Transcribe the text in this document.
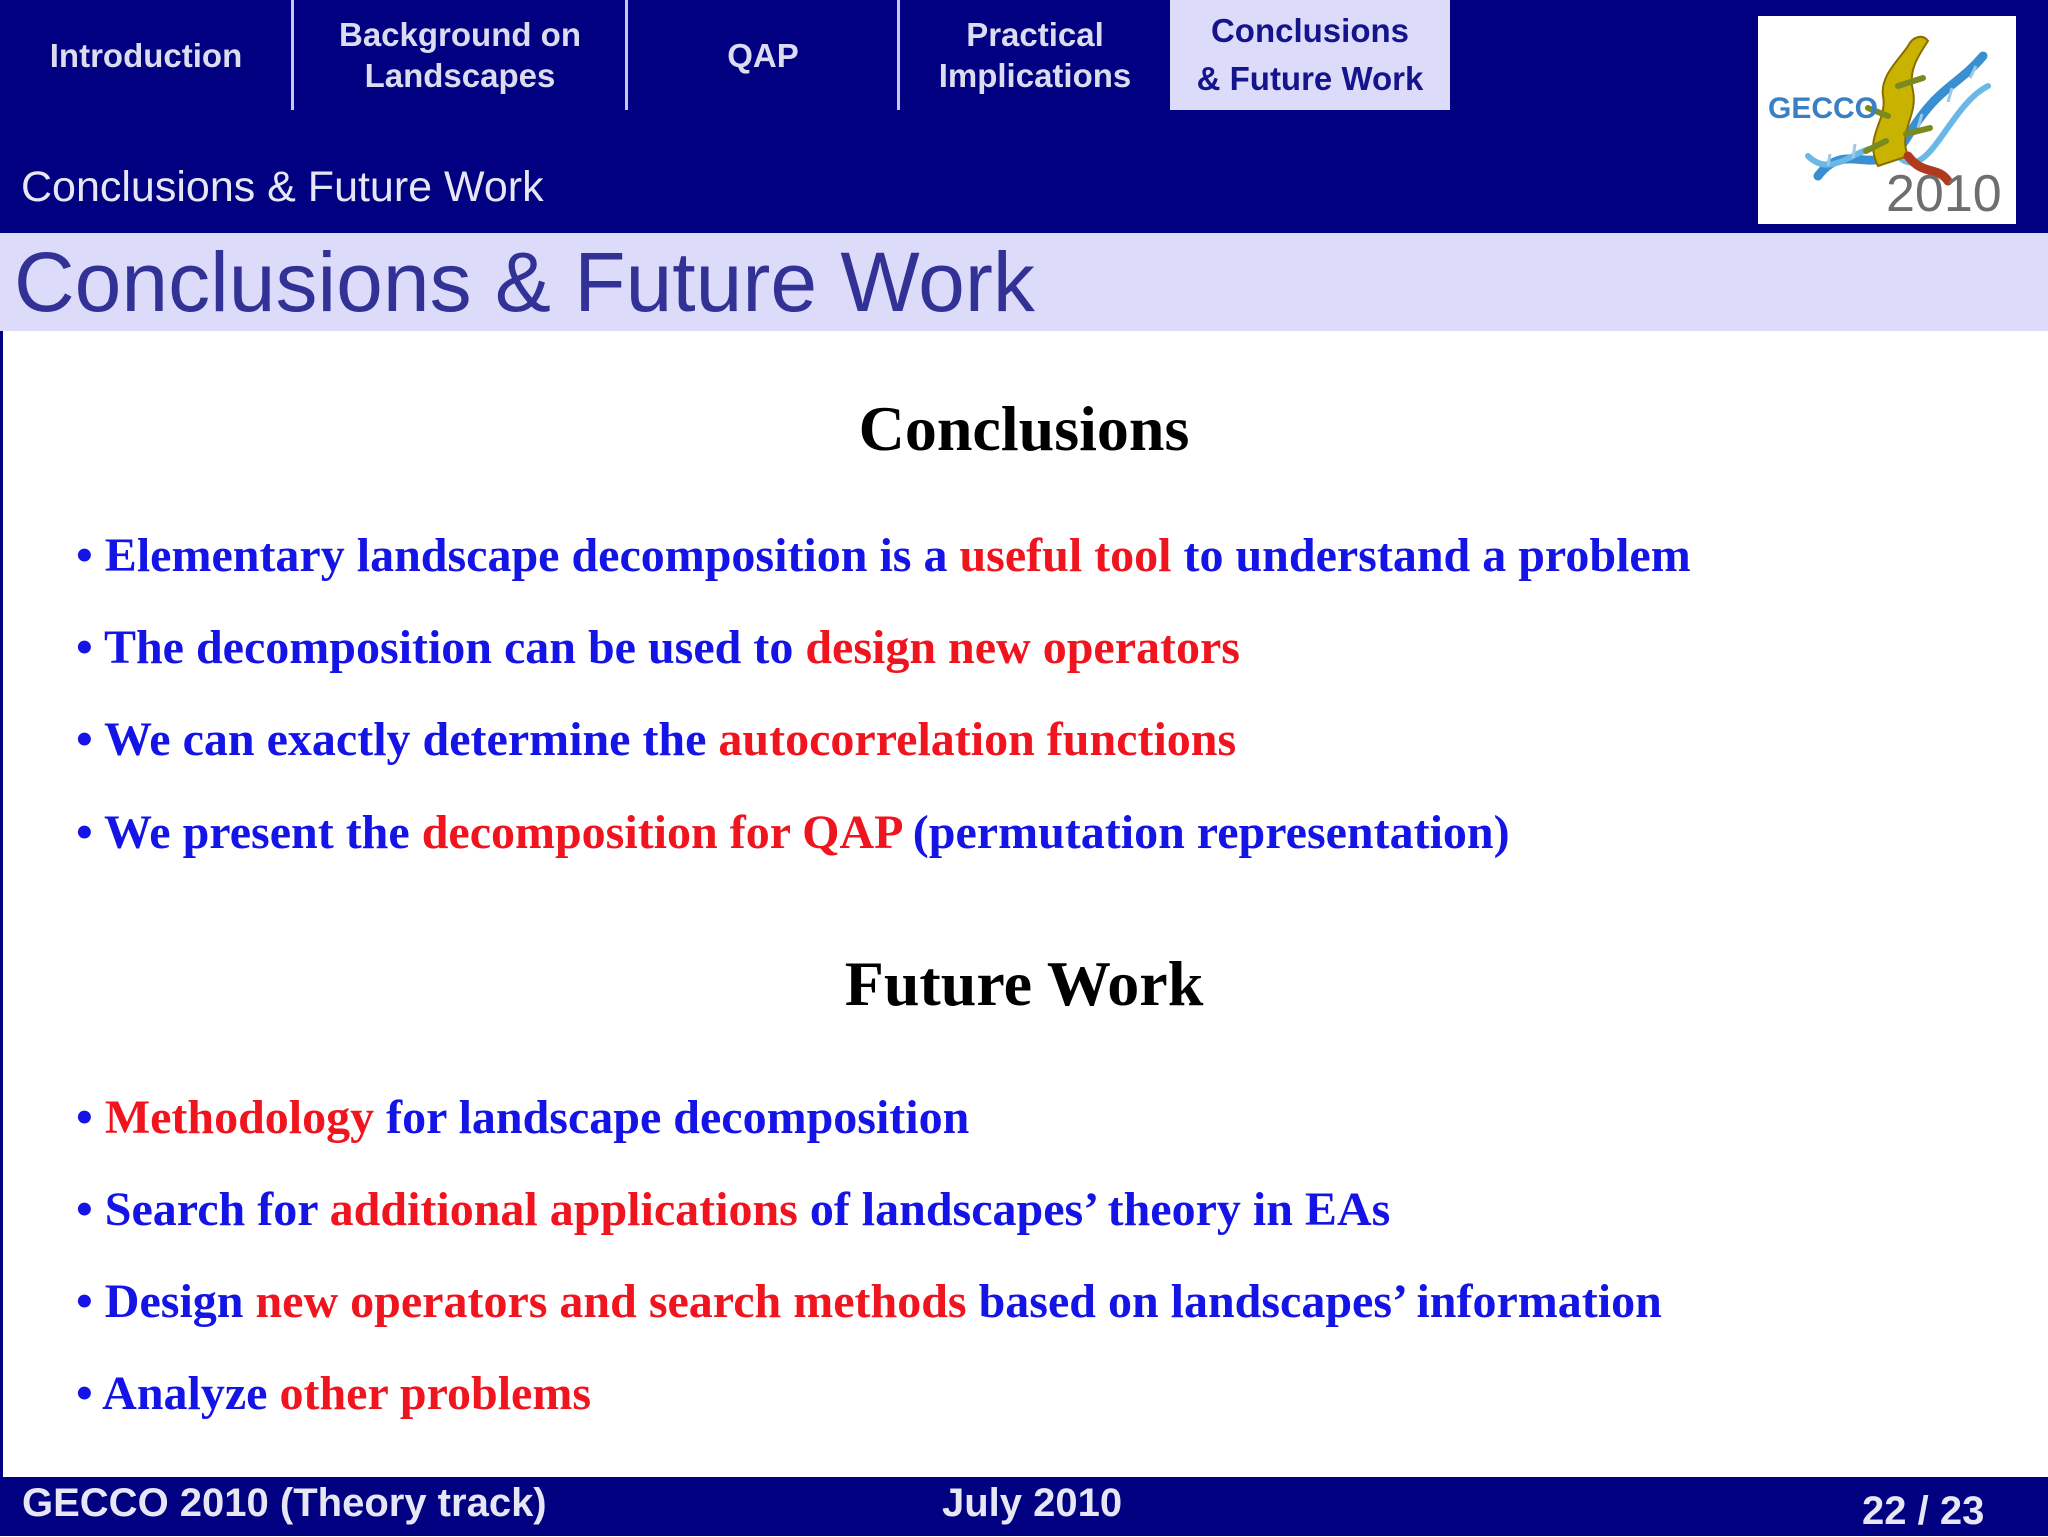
Introduction
Background on
Landscapes
QAP
Practical
Implications
Conclusions
& Future Work
Conclusions & Future Work
GECCO
2010
Conclusions & Future Work
Conclusions
• Elementary landscape decomposition is a useful tool to understand a problem
• The decomposition can be used to design new operators
• We can exactly determine the autocorrelation functions
• We present the decomposition for QAP (permutation representation)
Future Work
• Methodology for landscape decomposition
• Search for additional applications of landscapes’ theory in EAs
• Design new operators and search methods based on landscapes’ information
• Analyze other problems
GECCO 2010 (Theory track)	July 2010	22 / 23
